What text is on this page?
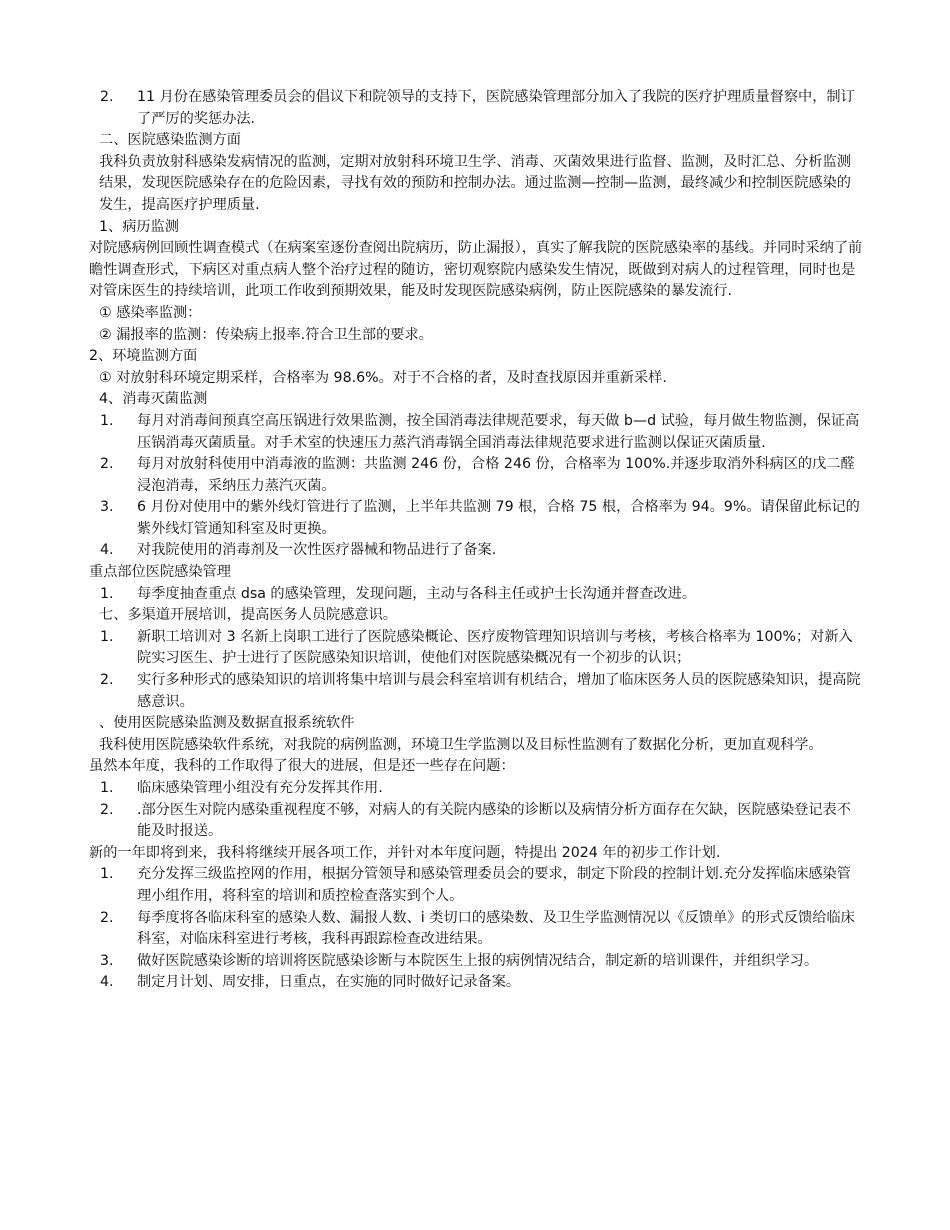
2.	11 月份在感染管理委员会的倡议下和院领导的支持下，医院感染管理部分加入了我院的医疗护理质量督察中，制订了严厉的奖惩办法.

二、医院感染监测方面

我科负责放射科感染发病情况的监测，定期对放射科环境卫生学、消毒、灭菌效果进行监督、监测，及时汇总、分析监测结果，发现医院感染存在的危险因素，寻找有效的预防和控制办法。通过监测—控制—监测，最终减少和控制医院感染的发生，提高医疗护理质量.

1、病历监测

对院感病例回顾性调查模式（在病案室逐份查阅出院病历，防止漏报），真实了解我院的医院感染率的基线。并同时采纳了前瞻性调查形式，下病区对重点病人整个治疗过程的随访，密切观察院内感染发生情况，既做到对病人的过程管理，同时也是对管床医生的持续培训，此项工作收到预期效果，能及时发现医院感染病例，防止医院感染的暴发流行.

① 感染率监测：

② 漏报率的监测：传染病上报率.符合卫生部的要求。

2、环境监测方面

① 对放射科环境定期采样，合格率为 98.6%。对于不合格的者，及时查找原因并重新采样.

4、消毒灭菌监测

1.	每月对消毒间预真空高压锅进行效果监测，按全国消毒法律规范要求，每天做 b—d 试验，每月做生物监测，保证高压锅消毒灭菌质量。对手术室的快速压力蒸汽消毒锅全国消毒法律规范要求进行监测以保证灭菌质量.
2.	每月对放射科使用中消毒液的监测：共监测 246 份，合格 246 份，合格率为 100%.并逐步取消外科病区的戊二醛浸泡消毒，采纳压力蒸汽灭菌。
3.	6 月份对使用中的紫外线灯管进行了监测，上半年共监测 79 根，合格 75 根，合格率为 94。9%。请保留此标记的紫外线灯管通知科室及时更换。
4.	对我院使用的消毒剂及一次性医疗器械和物品进行了备案.

重点部位医院感染管理

1.	每季度抽查重点 dsa 的感染管理，发现问题，主动与各科主任或护士长沟通并督查改进。

七、多渠道开展培训，提高医务人员院感意识。

1.	新职工培训对 3 名新上岗职工进行了医院感染概论、医疗废物管理知识培训与考核，考核合格率为 100%；对新入院实习医生、护士进行了医院感染知识培训，使他们对医院感染概况有一个初步的认识；
2.	实行多种形式的感染知识的培训将集中培训与晨会科室培训有机结合，增加了临床医务人员的医院感染知识，提高院感意识。

、使用医院感染监测及数据直报系统软件

我科使用医院感染软件系统，对我院的病例监测，环境卫生学监测以及目标性监测有了数据化分析，更加直观科学。

虽然本年度，我科的工作取得了很大的进展，但是还一些存在问题：

1.	临床感染管理小组没有充分发挥其作用.
2.	.部分医生对院内感染重视程度不够，对病人的有关院内感染的诊断以及病情分析方面存在欠缺，医院感染登记表不能及时报送。

新的一年即将到来，我科将继续开展各项工作，并针对本年度问题，特提出 2024 年的初步工作计划.

1.	充分发挥三级监控网的作用，根据分管领导和感染管理委员会的要求，制定下阶段的控制计划.充分发挥临床感染管理小组作用，将科室的培训和质控检查落实到个人。
2.	每季度将各临床科室的感染人数、漏报人数、i 类切口的感染数、及卫生学监测情况以《反馈单》的形式反馈给临床科室，对临床科室进行考核，我科再跟踪检查改进结果。
3.	做好医院感染诊断的培训将医院感染诊断与本院医生上报的病例情况结合，制定新的培训课件，并组织学习。
4.	制定月计划、周安排，日重点，在实施的同时做好记录备案。
